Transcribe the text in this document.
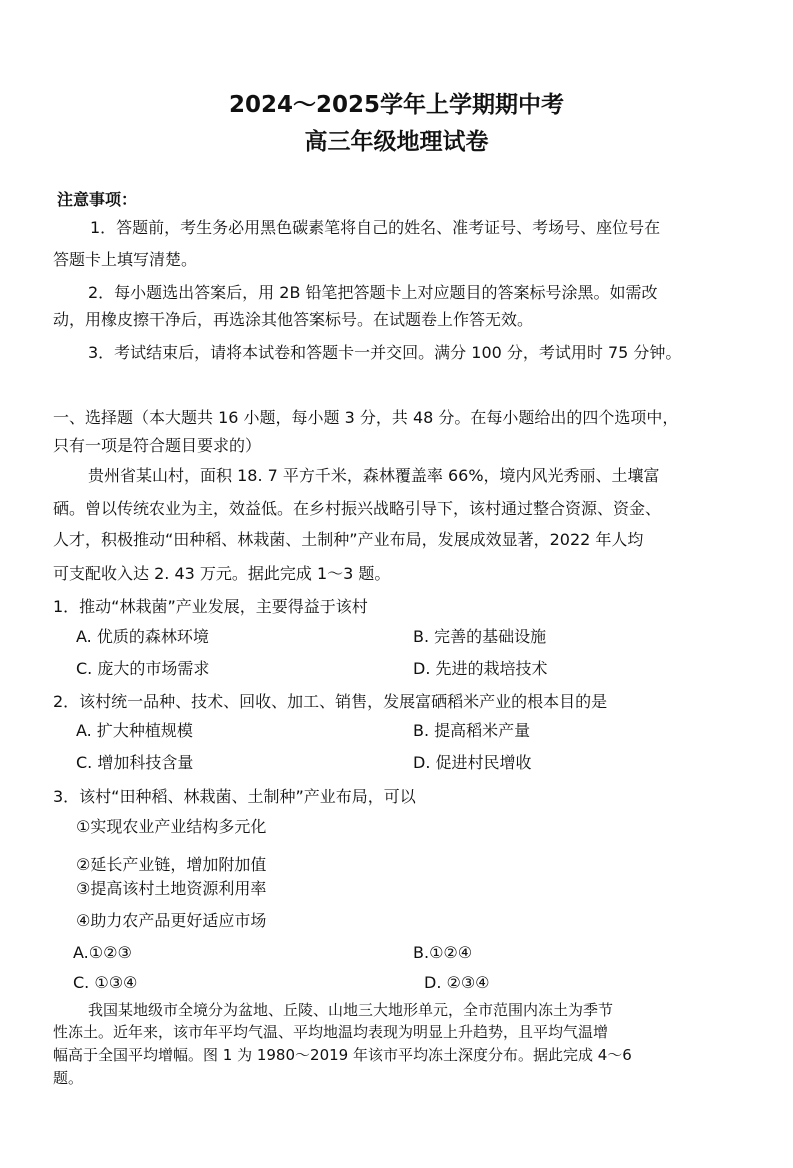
2024～2025学年上学期期中考
高三年级地理试卷
注意事项：
1．答题前，考生务必用黑色碳素笔将自己的姓名、准考证号、考场号、座位号在
答题卡上填写清楚。
2．每小题选出答案后，用 2B 铅笔把答题卡上对应题目的答案标号涂黑。如需改
动，用橡皮擦干净后，再选涂其他答案标号。在试题卷上作答无效。
3．考试结束后，请将本试卷和答题卡一并交回。满分 100 分，考试用时 75 分钟。
一、选择题（本大题共 16 小题，每小题 3 分，共 48 分。在每小题给出的四个选项中，
只有一项是符合题目要求的）
贵州省某山村，面积 18. 7 平方千米，森林覆盖率 66%，境内风光秀丽、土壤富
硒。曾以传统农业为主，效益低。在乡村振兴战略引导下，该村通过整合资源、资金、
人才，积极推动“田种稻、林栽菌、土制种”产业布局，发展成效显著，2022 年人均
可支配收入达 2. 43 万元。据此完成 1～3 题。
1．推动“林栽菌”产业发展，主要得益于该村
A. 优质的森林环境	B. 完善的基础设施
C. 庞大的市场需求	D. 先进的栽培技术
2．该村统一品种、技术、回收、加工、销售，发展富硒稻米产业的根本目的是
A. 扩大种植规模	B. 提高稻米产量
C. 增加科技含量	D. 促进村民增收
3．该村“田种稻、林栽菌、土制种”产业布局，可以
①实现农业产业结构多元化
②延长产业链，增加附加值
③提高该村土地资源利用率
④助力农产品更好适应市场
A.①②③	B.①②④
C. ①③④	D. ②③④
我国某地级市全境分为盆地、丘陵、山地三大地形单元，全市范围内冻土为季节
性冻土。近年来，该市年平均气温、平均地温均表现为明显上升趋势，且平均气温增
幅高于全国平均增幅。图 1 为 1980～2019 年该市平均冻土深度分布。据此完成 4～6
题。
